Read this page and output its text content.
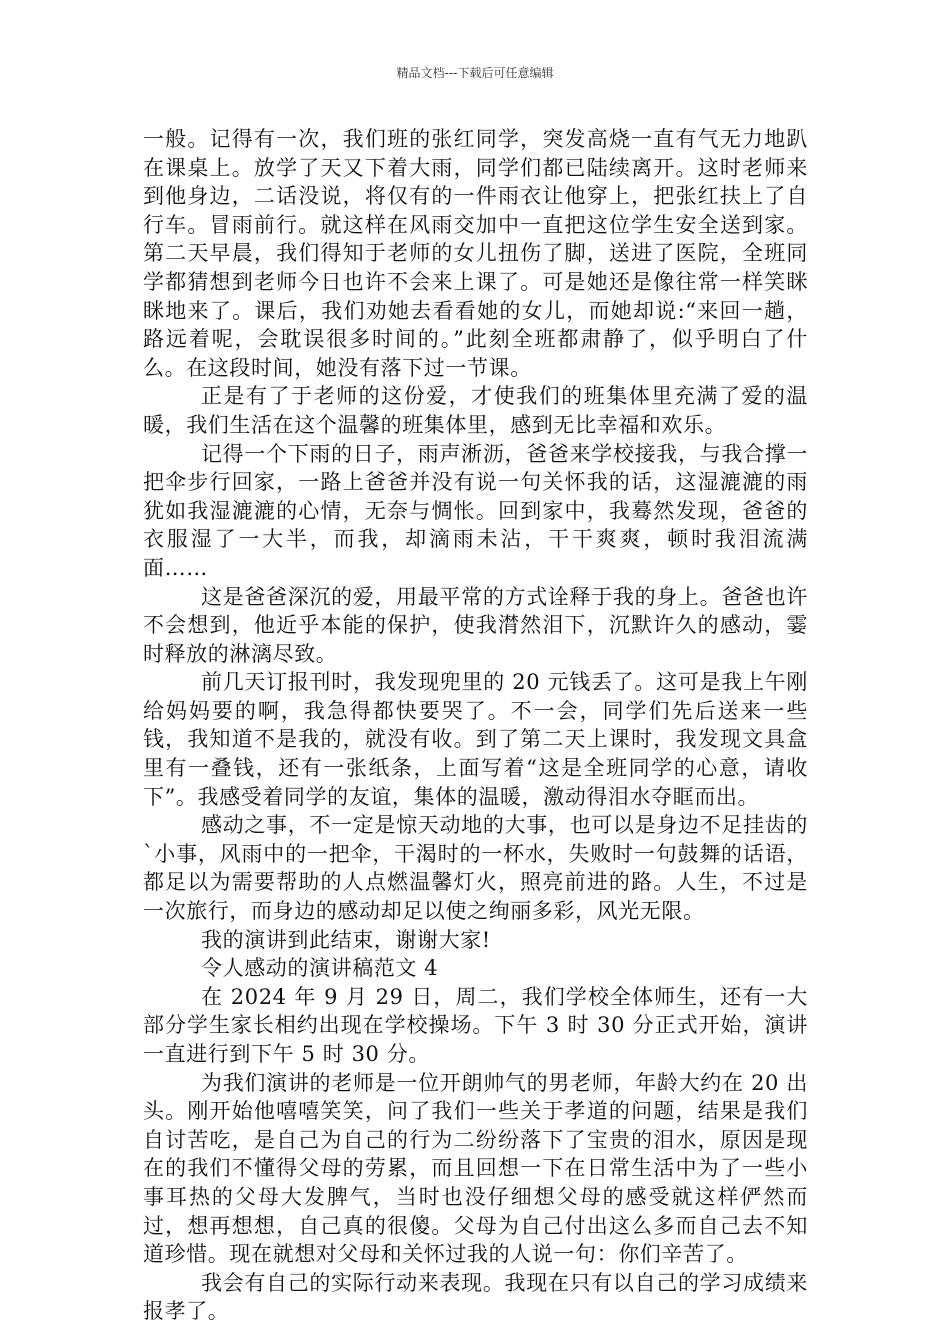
精品文档---下载后可任意编辑

一般。记得有一次，我们班的张红同学，突发高烧一直有气无力地趴在课桌上。放学了天又下着大雨，同学们都已陆续离开。这时老师来到他身边，二话没说，将仅有的一件雨衣让他穿上，把张红扶上了自行车。冒雨前行。就这样在风雨交加中一直把这位学生安全送到家。第二天早晨，我们得知于老师的女儿扭伤了脚，送进了医院，全班同学都猜想到老师今日也许不会来上课了。可是她还是像往常一样笑眯眯地来了。课后，我们劝她去看看她的女儿，而她却说:“来回一趟，路远着呢，会耽误很多时间的。”此刻全班都肃静了，似乎明白了什么。在这段时间，她没有落下过一节课。

正是有了于老师的这份爱，才使我们的班集体里充满了爱的温暖，我们生活在这个温馨的班集体里，感到无比幸福和欢乐。

记得一个下雨的日子，雨声淅沥，爸爸来学校接我，与我合撑一把伞步行回家，一路上爸爸并没有说一句关怀我的话，这湿漉漉的雨犹如我湿漉漉的心情，无奈与惆怅。回到家中，我蓦然发现，爸爸的衣服湿了一大半，而我，却滴雨未沾，干干爽爽，顿时我泪流满面……

这是爸爸深沉的爱，用最平常的方式诠释于我的身上。爸爸也许不会想到，他近乎本能的保护，使我潸然泪下，沉默许久的感动，霎时释放的淋漓尽致。

前几天订报刊时，我发现兜里的 20 元钱丢了。这可是我上午刚给妈妈要的啊，我急得都快要哭了。不一会，同学们先后送来一些钱，我知道不是我的，就没有收。到了第二天上课时，我发现文具盒里有一叠钱，还有一张纸条，上面写着“这是全班同学的心意，请收下”。我感受着同学的友谊，集体的温暖，激动得泪水夺眶而出。

感动之事，不一定是惊天动地的大事，也可以是身边不足挂齿的`小事，风雨中的一把伞，干渴时的一杯水，失败时一句鼓舞的话语，都足以为需要帮助的人点燃温馨灯火，照亮前进的路。人生，不过是一次旅行，而身边的感动却足以使之绚丽多彩，风光无限。

我的演讲到此结束，谢谢大家!

令人感动的演讲稿范文 4

在 2024 年 9 月 29 日，周二，我们学校全体师生，还有一大部分学生家长相约出现在学校操场。下午 3 时 30 分正式开始，演讲一直进行到下午 5 时 30 分。

为我们演讲的老师是一位开朗帅气的男老师，年龄大约在 20 出头。刚开始他嘻嘻笑笑，问了我们一些关于孝道的问题，结果是我们自讨苦吃，是自己为自己的行为二纷纷落下了宝贵的泪水，原因是现在的我们不懂得父母的劳累，而且回想一下在日常生活中为了一些小事耳热的父母大发脾气，当时也没仔细想父母的感受就这样俨然而过，想再想想，自己真的很傻。父母为自己付出这么多而自己去不知道珍惜。现在就想对父母和关怀过我的人说一句：你们辛苦了。

我会有自己的实际行动来表现。我现在只有以自己的学习成绩来报孝了。
